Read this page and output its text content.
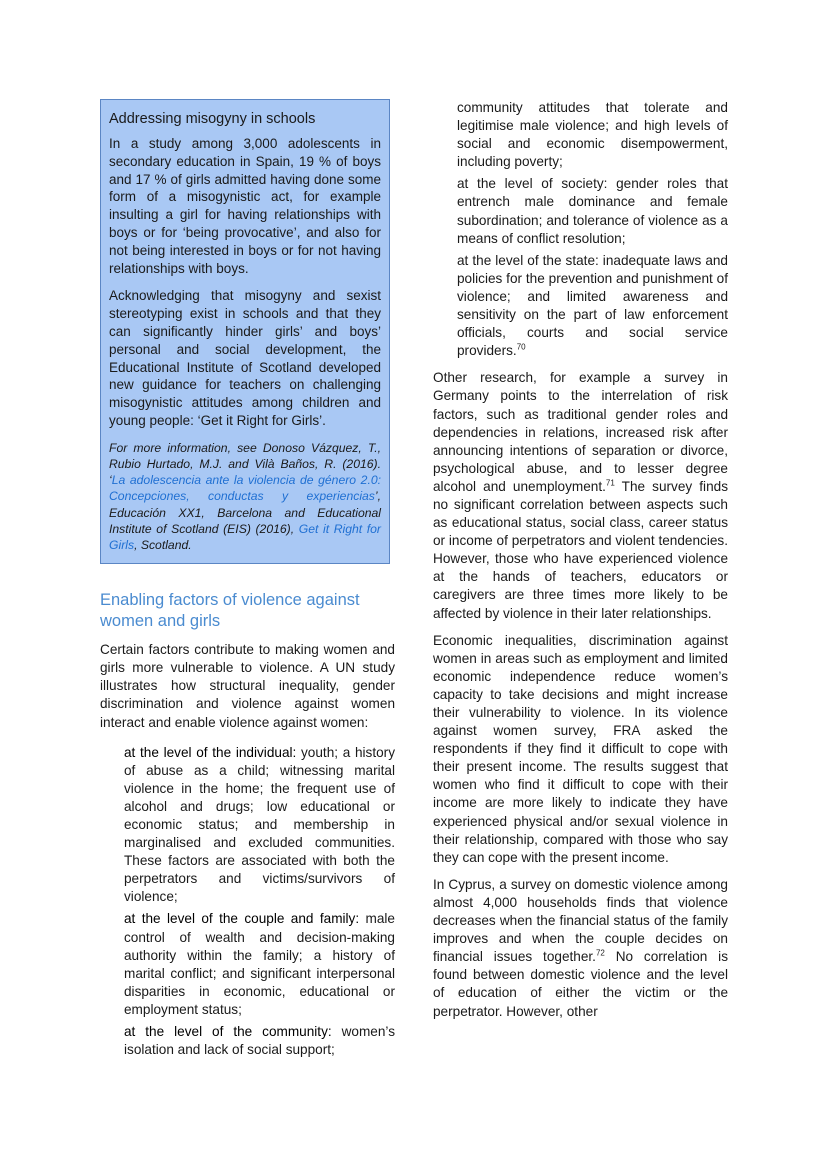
Addressing misogyny in schools

In a study among 3,000 adolescents in secondary education in Spain, 19 % of boys and 17 % of girls admitted having done some form of a misogynistic act, for example insulting a girl for having relationships with boys or for ‘being provocative’, and also for not being interested in boys or for not having relationships with boys.

Acknowledging that misogyny and sexist stereotyping exist in schools and that they can significantly hinder girls’ and boys’ personal and social development, the Educational Institute of Scotland developed new guidance for teachers on challenging misogynistic attitudes among children and young people: ‘Get it Right for Girls’.

For more information, see Donoso Vázquez, T., Rubio Hurtado, M.J. and Vilà Baños, R. (2016). ‘La adolescencia ante la violencia de género 2.0: Concepciones, conductas y experiencias’, Educación XX1, Barcelona and Educational Institute of Scotland (EIS) (2016), Get it Right for Girls, Scotland.

Enabling factors of violence against women and girls

Certain factors contribute to making women and girls more vulnerable to violence. A UN study illustrates how structural inequality, gender discrimination and violence against women interact and enable violence against women:

at the level of the individual: youth; a history of abuse as a child; witnessing marital violence in the home; the frequent use of alcohol and drugs; low educational or economic status; and membership in marginalised and excluded communities. These factors are associated with both the perpetrators and victims/survivors of violence;

at the level of the couple and family: male control of wealth and decision-making authority within the family; a history of marital conflict; and significant interpersonal disparities in economic, educational or employment status;

at the level of the community: women’s isolation and lack of social support;

community attitudes that tolerate and legitimise male violence; and high levels of social and economic disempowerment, including poverty;

at the level of society: gender roles that entrench male dominance and female subordination; and tolerance of violence as a means of conflict resolution;

at the level of the state: inadequate laws and policies for the prevention and punishment of violence; and limited awareness and sensitivity on the part of law enforcement officials, courts and social service providers.$^{70}$

Other research, for example a survey in Germany points to the interrelation of risk factors, such as traditional gender roles and dependencies in relations, increased risk after announcing intentions of separation or divorce, psychological abuse, and to lesser degree alcohol and unemployment.$^{71}$ The survey finds no significant correlation between aspects such as educational status, social class, career status or income of perpetrators and violent tendencies. However, those who have experienced violence at the hands of teachers, educators or caregivers are three times more likely to be affected by violence in their later relationships.

Economic inequalities, discrimination against women in areas such as employment and limited economic independence reduce women’s capacity to take decisions and might increase their vulnerability to violence. In its violence against women survey, FRA asked the respondents if they find it difficult to cope with their present income. The results suggest that women who find it difficult to cope with their income are more likely to indicate they have experienced physical and/or sexual violence in their relationship, compared with those who say they can cope with the present income.

In Cyprus, a survey on domestic violence among almost 4,000 households finds that violence decreases when the financial status of the family improves and when the couple decides on financial issues together.$^{72}$ No correlation is found between domestic violence and the level of education of either the victim or the perpetrator. However, other
